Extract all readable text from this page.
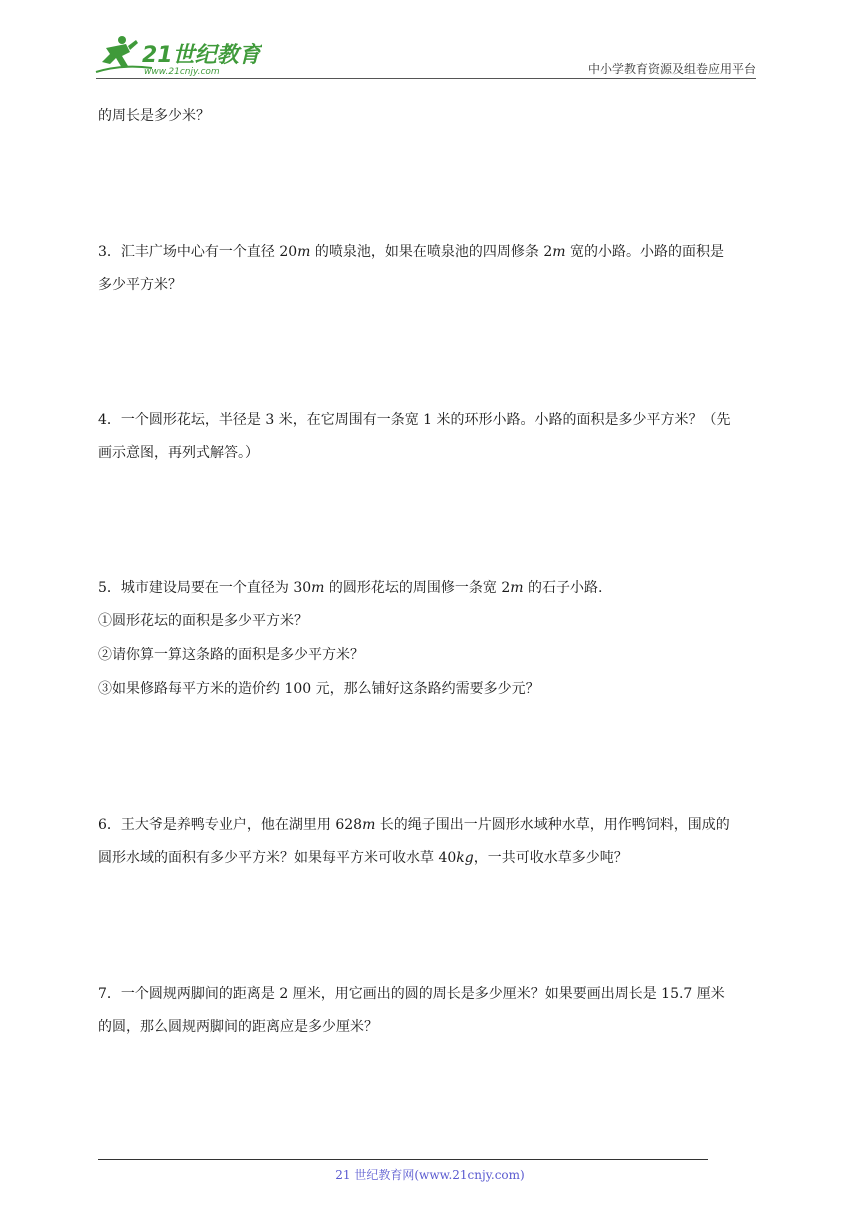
21世纪教育
www.21cnjy.com	中小学教育资源及组卷应用平台
的周长是多少米？
3．汇丰广场中心有一个直径 20m 的喷泉池，如果在喷泉池的四周修条 2m 宽的小路。小路的面积是
多少平方米？
4．一个圆形花坛，半径是 3 米，在它周围有一条宽 1 米的环形小路。小路的面积是多少平方米？（先
画示意图，再列式解答。）
5．城市建设局要在一个直径为 30m 的圆形花坛的周围修一条宽 2m 的石子小路.
①圆形花坛的面积是多少平方米？
②请你算一算这条路的面积是多少平方米？
③如果修路每平方米的造价约 100 元，那么铺好这条路约需要多少元？
6．王大爷是养鸭专业户，他在湖里用 628m 长的绳子围出一片圆形水域种水草，用作鸭饲料，围成的
圆形水域的面积有多少平方米？如果每平方米可收水草 40kg，一共可收水草多少吨？
7．一个圆规两脚间的距离是 2 厘米，用它画出的圆的周长是多少厘米？如果要画出周长是 15.7 厘米
的圆，那么圆规两脚间的距离应是多少厘米？
21 世纪教育网(www.21cnjy.com)
